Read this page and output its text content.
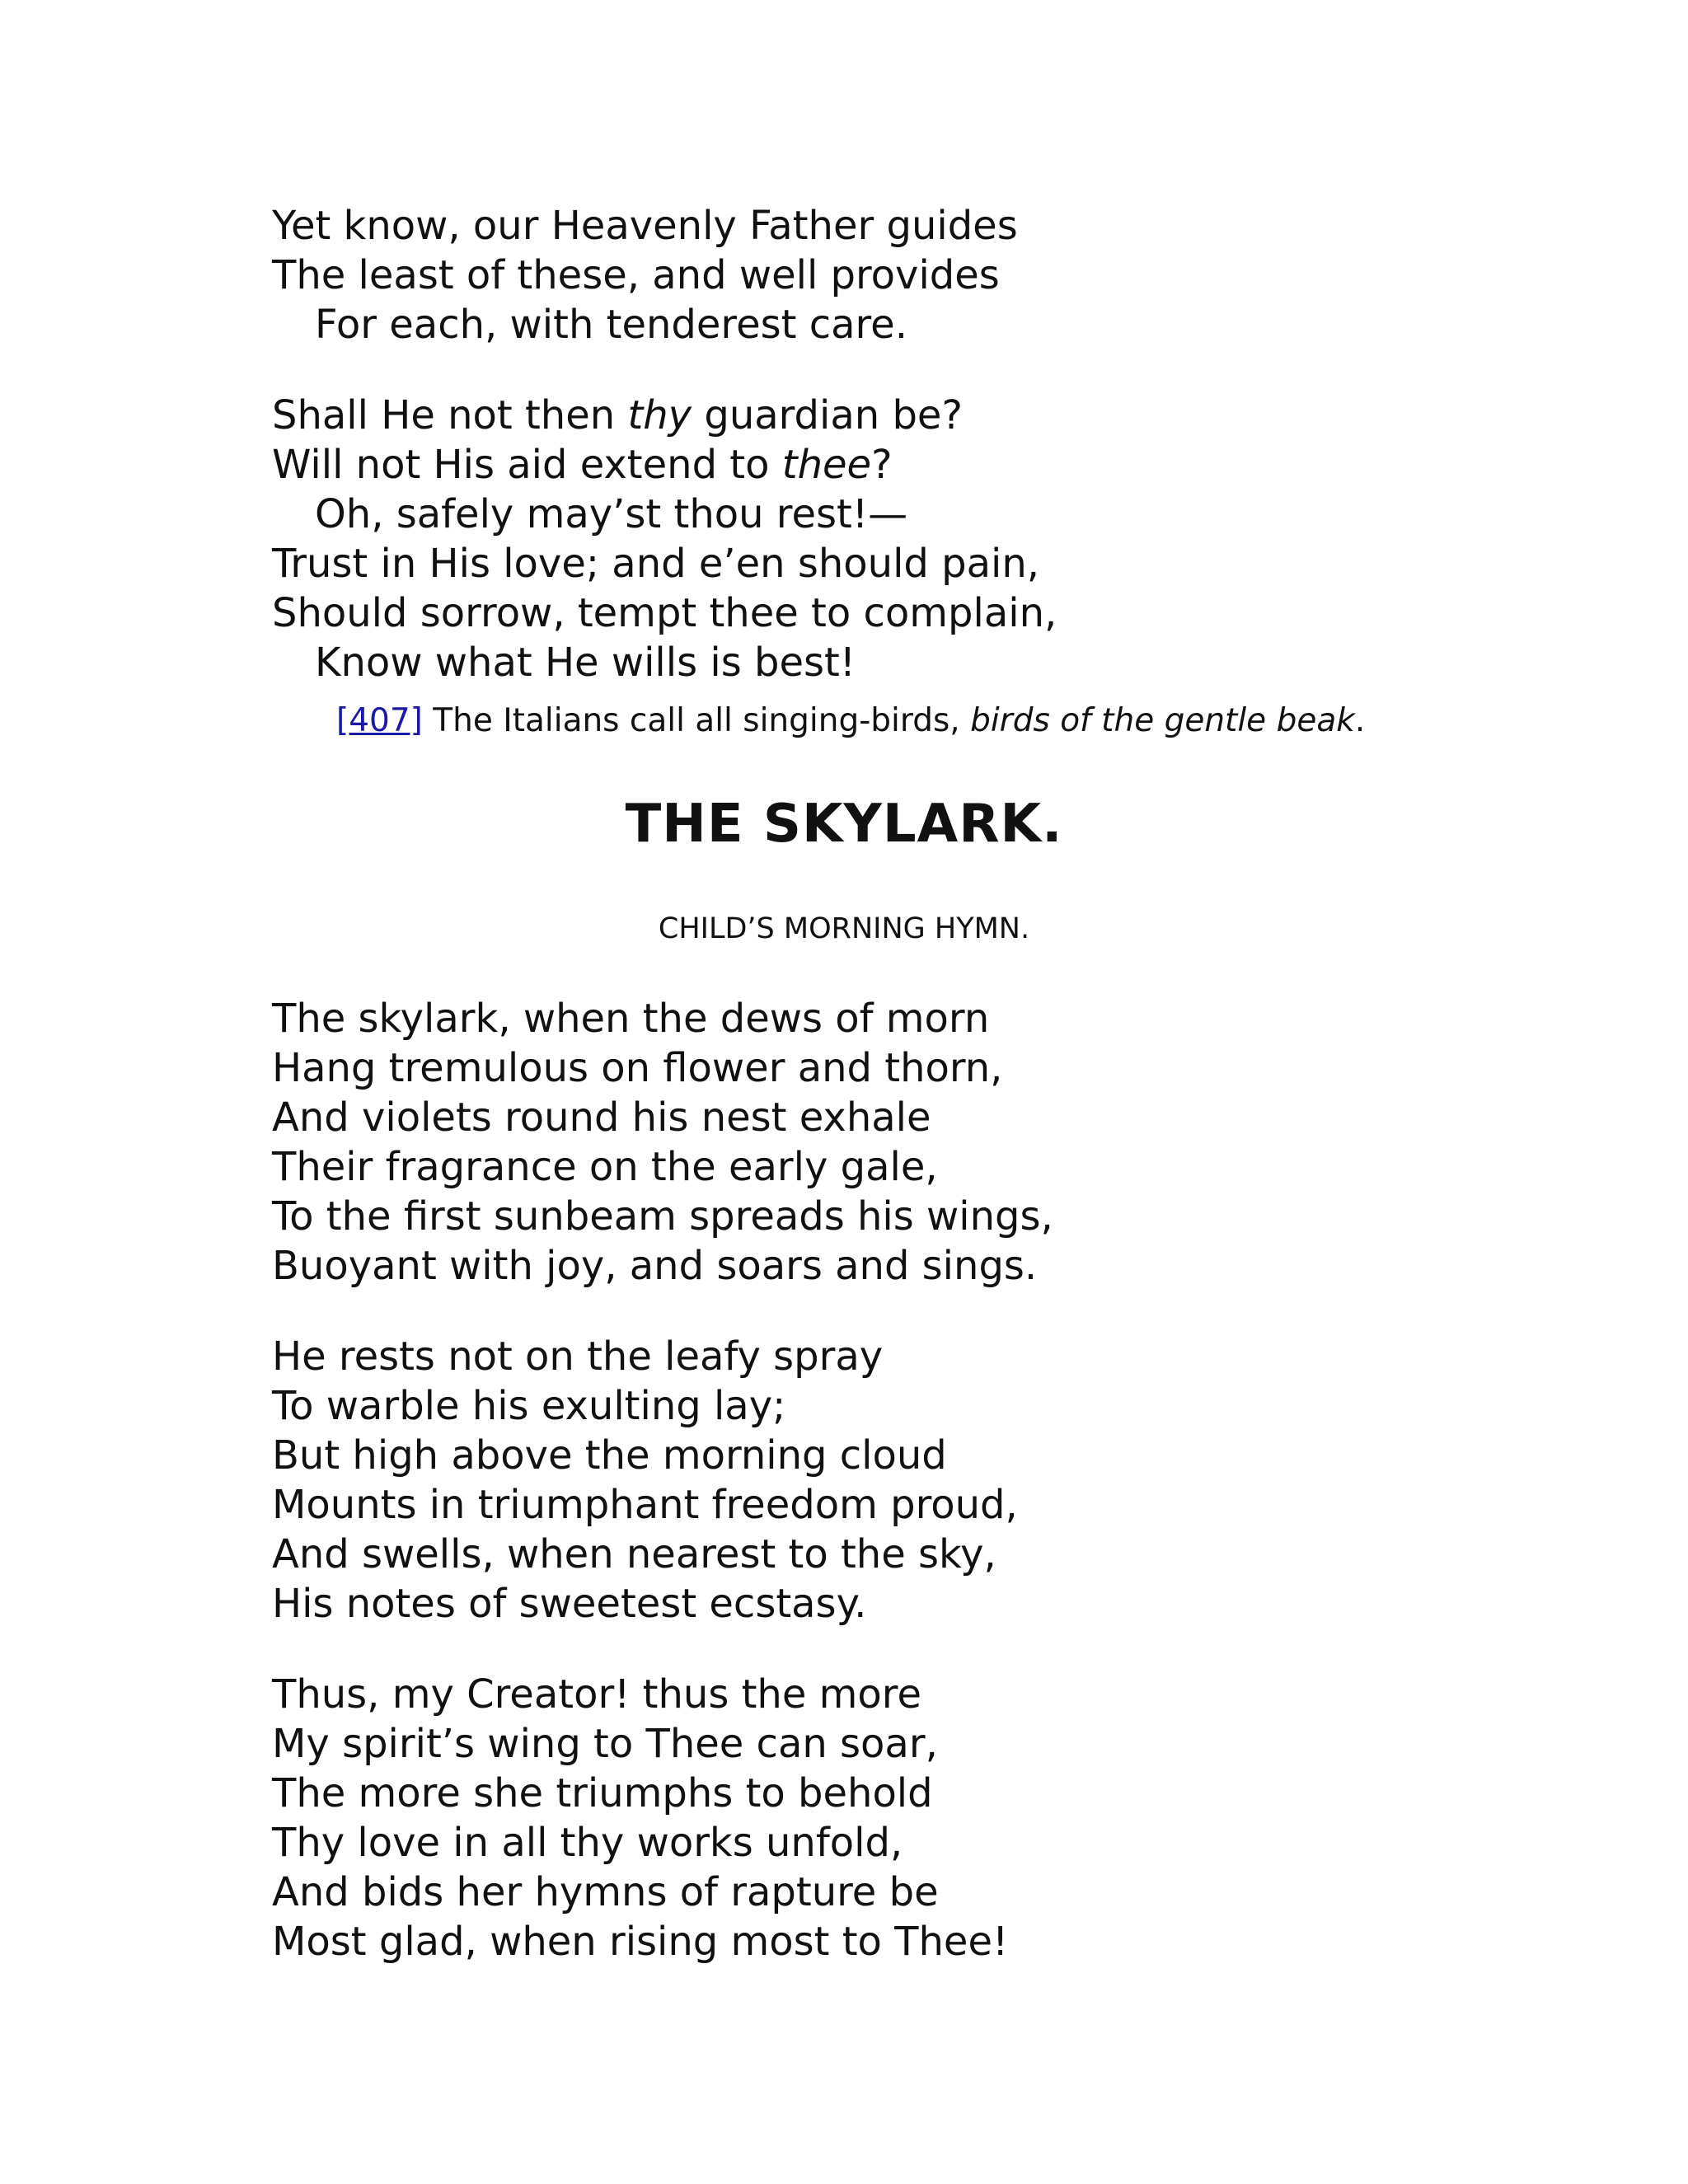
Yet know, our Heavenly Father guides
The least of these, and well provides
For each, with tenderest care.
Shall He not then thy guardian be?
Will not His aid extend to thee?
Oh, safely may’st thou rest!—
Trust in His love; and e’en should pain,
Should sorrow, tempt thee to complain,
Know what He wills is best!
[407] The Italians call all singing-birds, birds of the gentle beak.
THE SKYLARK.
CHILD’S MORNING HYMN.
The skylark, when the dews of morn
Hang tremulous on flower and thorn,
And violets round his nest exhale
Their fragrance on the early gale,
To the first sunbeam spreads his wings,
Buoyant with joy, and soars and sings.
He rests not on the leafy spray
To warble his exulting lay;
But high above the morning cloud
Mounts in triumphant freedom proud,
And swells, when nearest to the sky,
His notes of sweetest ecstasy.
Thus, my Creator! thus the more
My spirit’s wing to Thee can soar,
The more she triumphs to behold
Thy love in all thy works unfold,
And bids her hymns of rapture be
Most glad, when rising most to Thee!
